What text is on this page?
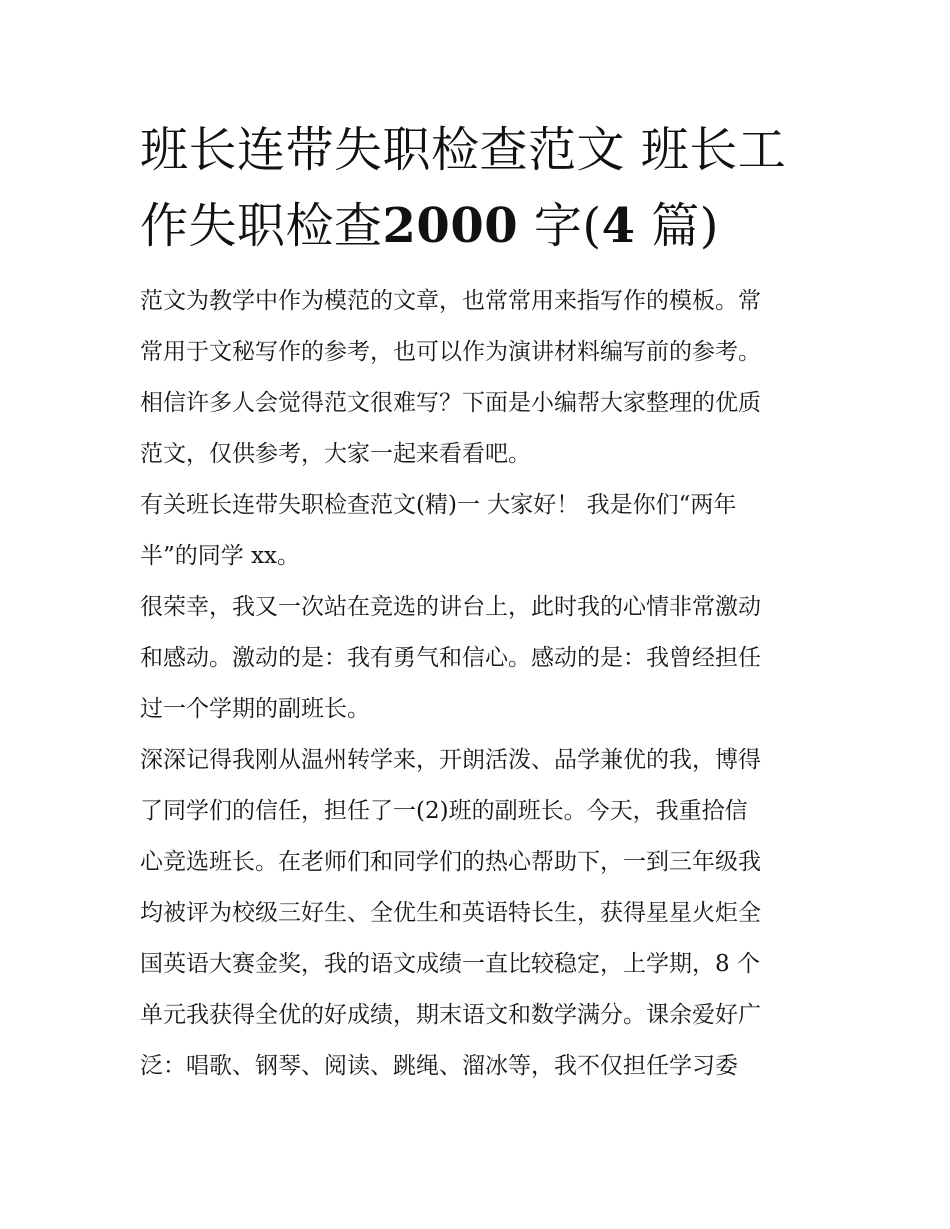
班长连带失职检查范文 班长工
作失职检查2000 字(4 篇)
范文为教学中作为模范的文章，也常常用来指写作的模板。常
常用于文秘写作的参考，也可以作为演讲材料编写前的参考。
相信许多人会觉得范文很难写？下面是小编帮大家整理的优质
范文，仅供参考，大家一起来看看吧。
有关班长连带失职检查范文(精)一 大家好！ 我是你们“两年
半”的同学 xx。
很荣幸，我又一次站在竞选的讲台上，此时我的心情非常激动
和感动。激动的是：我有勇气和信心。感动的是：我曾经担任
过一个学期的副班长。
深深记得我刚从温州转学来，开朗活泼、品学兼优的我，博得
了同学们的信任，担任了一(2)班的副班长。今天，我重拾信
心竞选班长。在老师们和同学们的热心帮助下，一到三年级我
均被评为校级三好生、全优生和英语特长生，获得星星火炬全
国英语大赛金奖，我的语文成绩一直比较稳定，上学期，8 个
单元我获得全优的好成绩，期末语文和数学满分。课余爱好广
泛：唱歌、钢琴、阅读、跳绳、溜冰等，我不仅担任学习委
